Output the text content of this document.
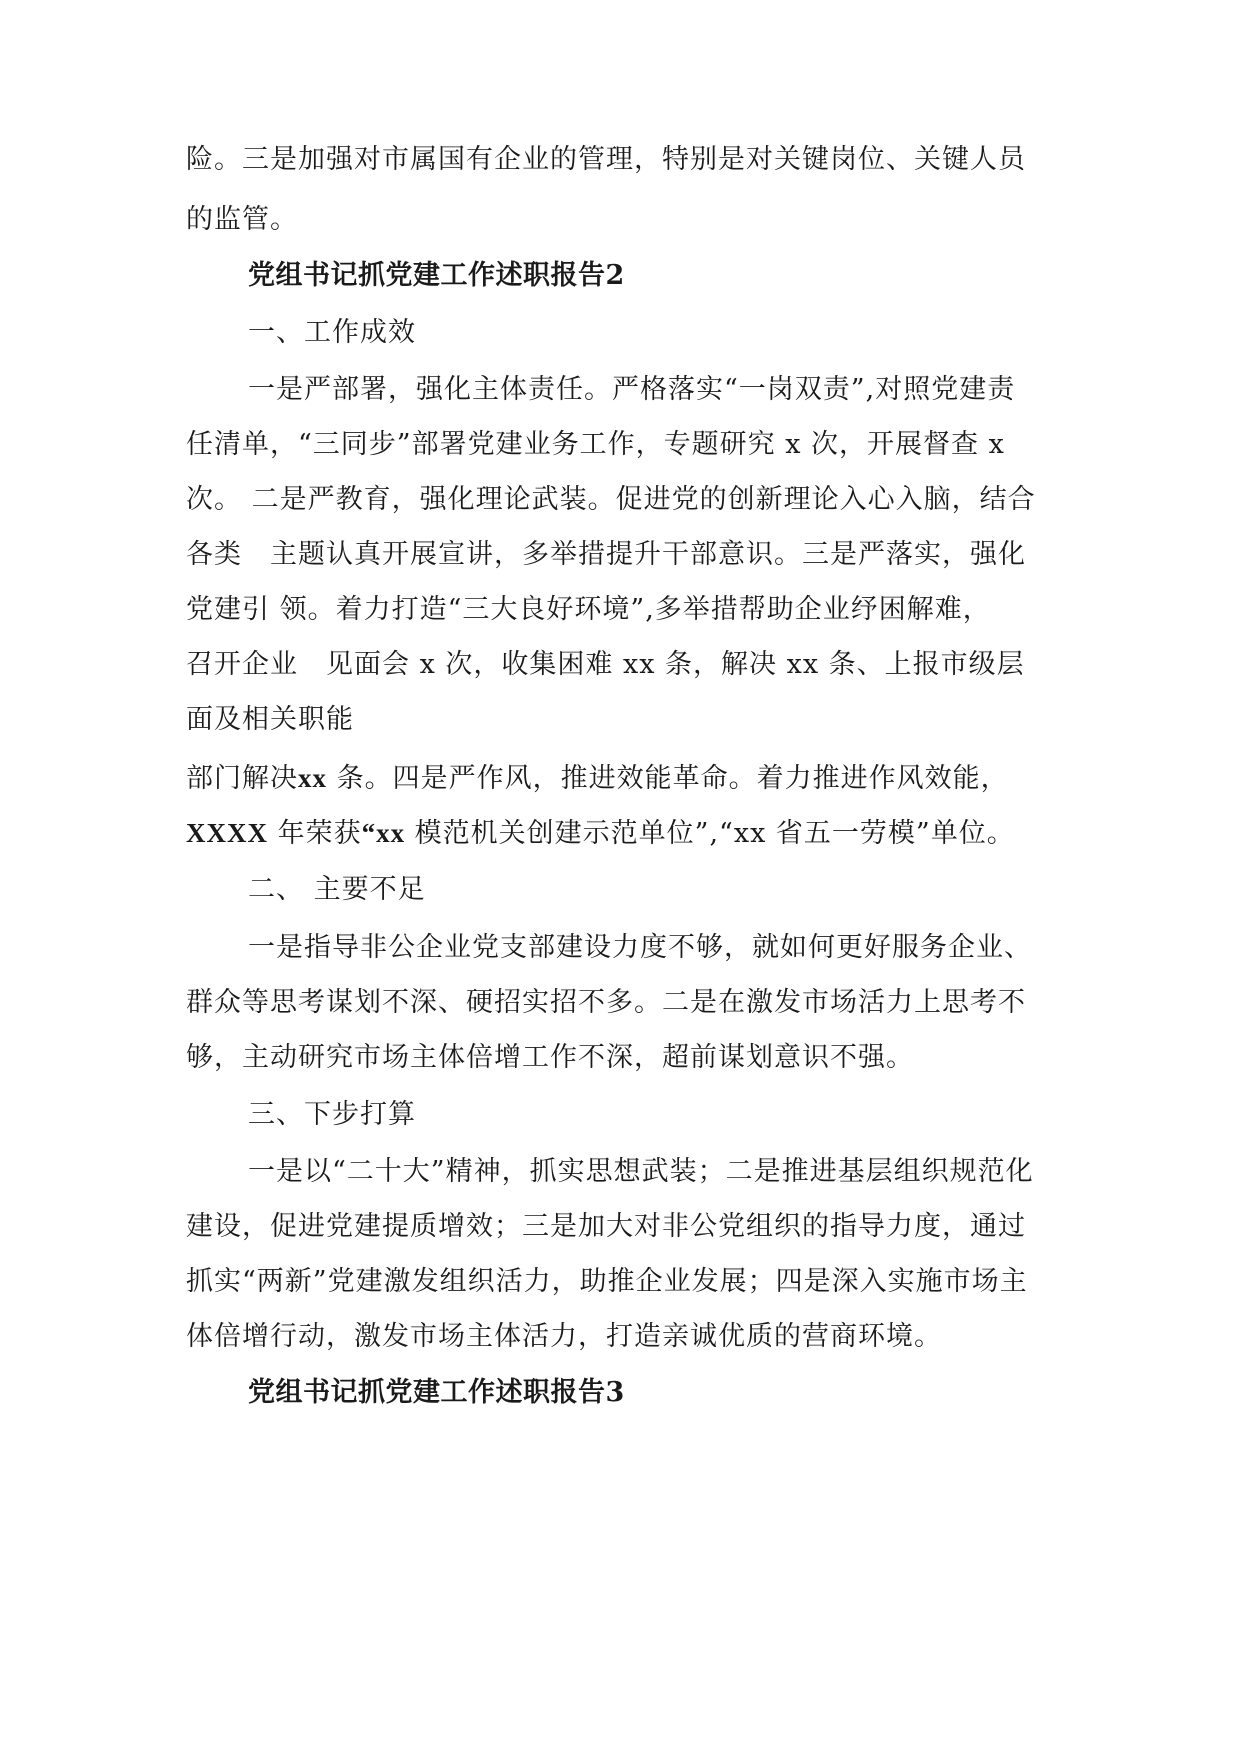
险。三是加强对市属国有企业的管理，特别是对关键岗位、关键人员
的监管。
党组书记抓党建工作述职报告2
一、工作成效
一是严部署，强化主体责任。严格落实“一岗双责”,对照党建责
任清单，“三同步”部署党建业务工作，专题研究 x 次，开展督查 x
次。 二是严教育，强化理论武装。促进党的创新理论入心入脑，结合
各类　主题认真开展宣讲，多举措提升干部意识。三是严落实，强化
党建引 领。着力打造“三大良好环境”,多举措帮助企业纾困解难，
召开企业　见面会 x 次，收集困难 xx 条，解决 xx 条、上报市级层
面及相关职能
部门解决xx 条。四是严作风，推进效能革命。着力推进作风效能，
XXXX 年荣获“xx 模范机关创建示范单位”,“xx 省五一劳模”单位。
二、 主要不足
一是指导非公企业党支部建设力度不够，就如何更好服务企业、
群众等思考谋划不深、硬招实招不多。二是在激发市场活力上思考不
够，主动研究市场主体倍增工作不深，超前谋划意识不强。
三、下步打算
一是以“二十大”精神，抓实思想武装；二是推进基层组织规范化
建设，促进党建提质增效；三是加大对非公党组织的指导力度，通过
抓实“两新”党建激发组织活力，助推企业发展；四是深入实施市场主
体倍增行动，激发市场主体活力，打造亲诚优质的营商环境。
党组书记抓党建工作述职报告3
